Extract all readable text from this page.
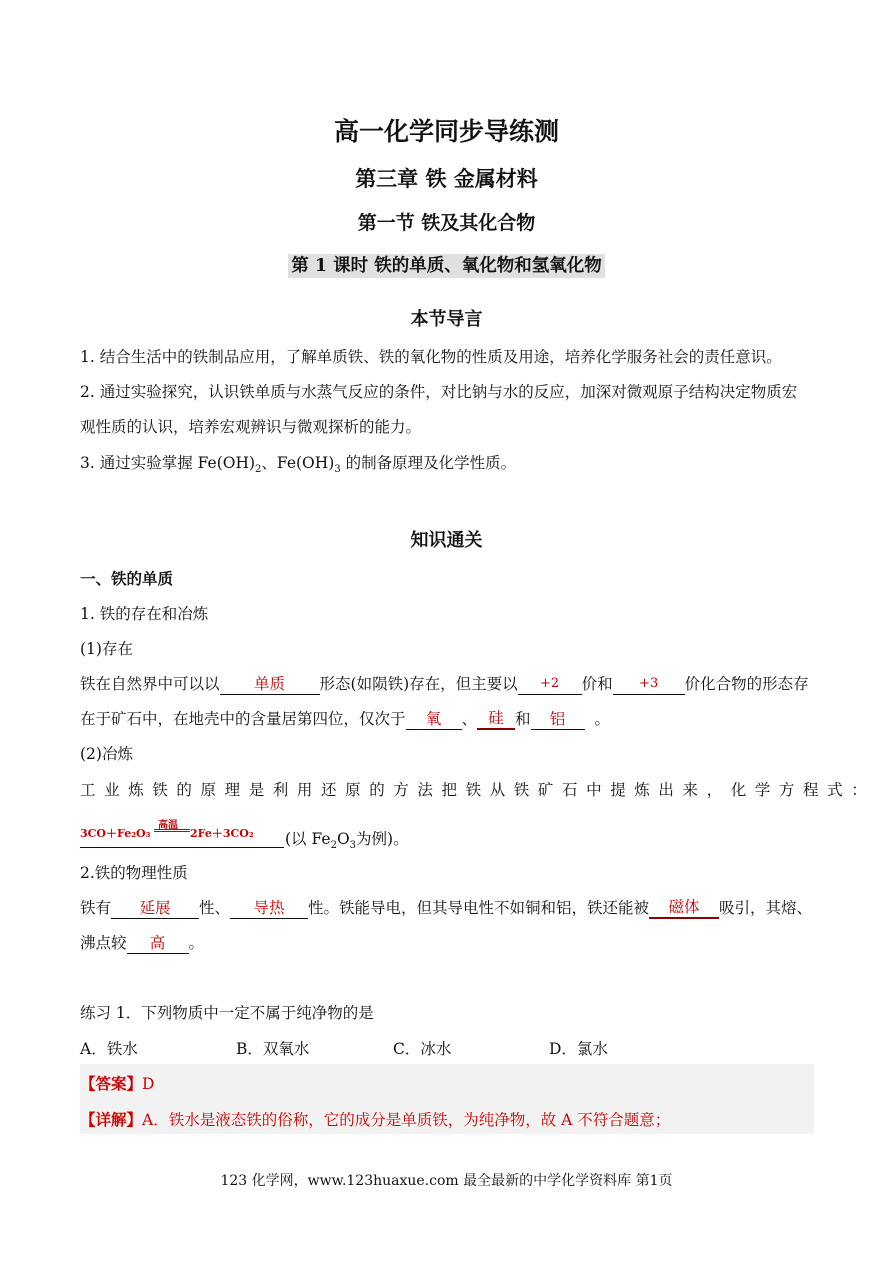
高一化学同步导练测
第三章 铁 金属材料
第一节 铁及其化合物
第 1 课时 铁的单质、氧化物和氢氧化物
本节导言
1. 结合生活中的铁制品应用，了解单质铁、铁的氧化物的性质及用途，培养化学服务社会的责任意识。
2. 通过实验探究，认识铁单质与水蒸气反应的条件，对比钠与水的反应，加深对微观原子结构决定物质宏
观性质的认识，培养宏观辨识与微观探析的能力。
3. 通过实验掌握 $Fe(OH)_2$、$Fe(OH)_3$ 的制备原理及化学性质。
知识通关
一、铁的单质
1. 铁的存在和冶炼
(1)存在
铁在自然界中可以以 单质 形态(如陨铁)存在，但主要以 +2 价和 +3 价化合物的形态存
在于矿石中，在地壳中的含量居第四位，仅次于 氧 、 硅 和 铝 。
(2)冶炼
工业炼铁的原理是利用还原的方法把铁从铁矿石中提炼出来，化学方程式：
3CO＋Fe₂O₃
高温
2Fe＋3CO₂ (以 $Fe_2O_3$为例)。
2.铁的物理性质
铁有 延展 性、 导热 性。铁能导电，但其导电性不如铜和铝，铁还能被 磁体 吸引，其熔、
沸点较 高 。
练习 1．下列物质中一定不属于纯净物的是
A．铁水	B．双氧水	C．冰水	D．氯水
【答案】D
【详解】A．铁水是液态铁的俗称，它的成分是单质铁，为纯净物，故 A 不符合题意；
123 化学网，www.123huaxue.com 最全最新的中学化学资料库 第1页
